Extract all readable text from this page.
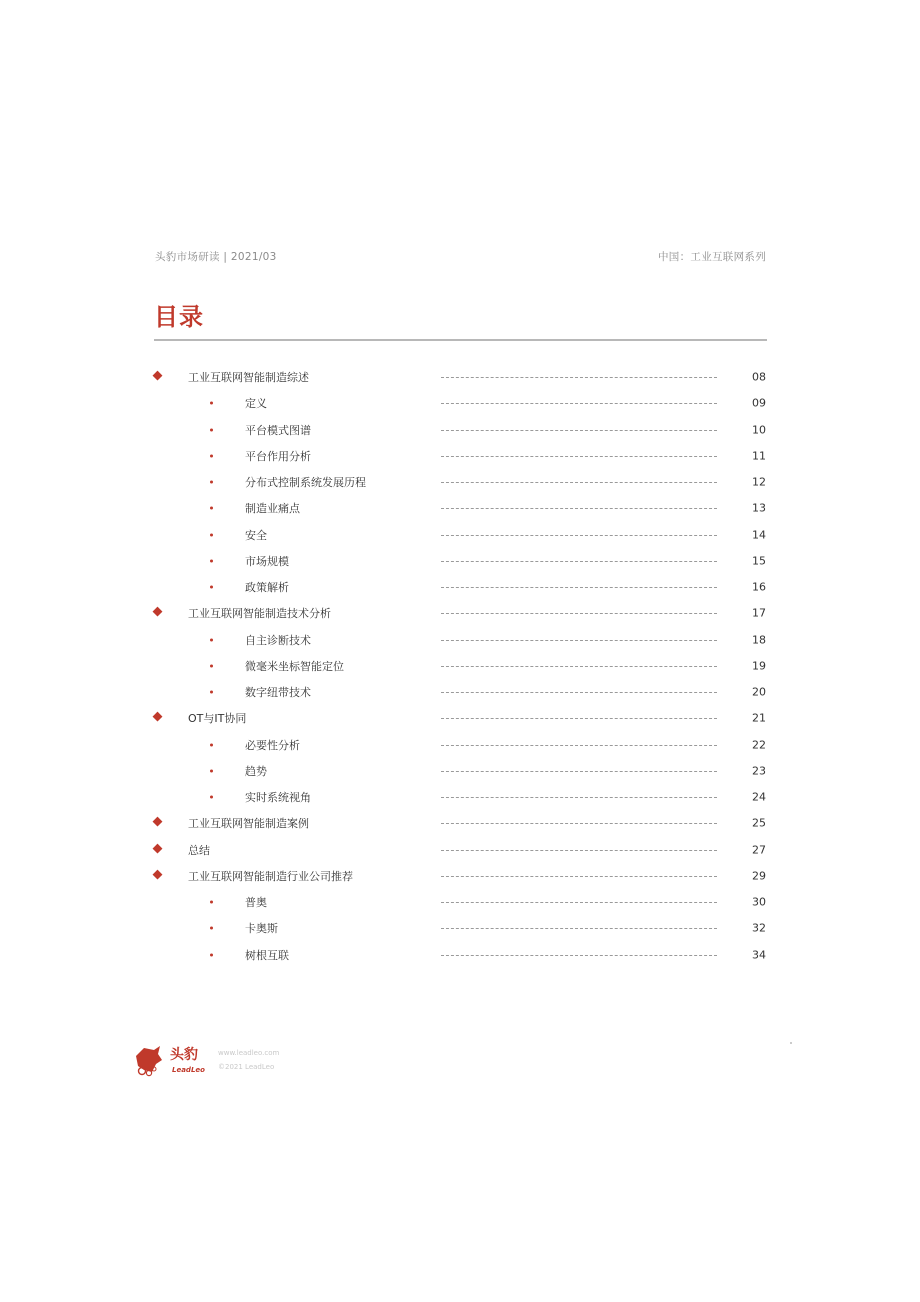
头豹市场研读 | 2021/03	中国：工业互联网系列
目录
工业互联网智能制造综述	08
定义	09
平台模式图谱	10
平台作用分析	11
分布式控制系统发展历程	12
制造业痛点	13
安全	14
市场规模	15
政策解析	16
工业互联网智能制造技术分析	17
自主诊断技术	18
微毫米坐标智能定位	19
数字纽带技术	20
OT与IT协同	21
必要性分析	22
趋势	23
实时系统视角	24
工业互联网智能制造案例	25
总结	27
工业互联网智能制造行业公司推荐	29
普奥	30
卡奥斯	32
树根互联	34
头豹
LeadLeo
www.leadleo.com
©2021 LeadLeo
